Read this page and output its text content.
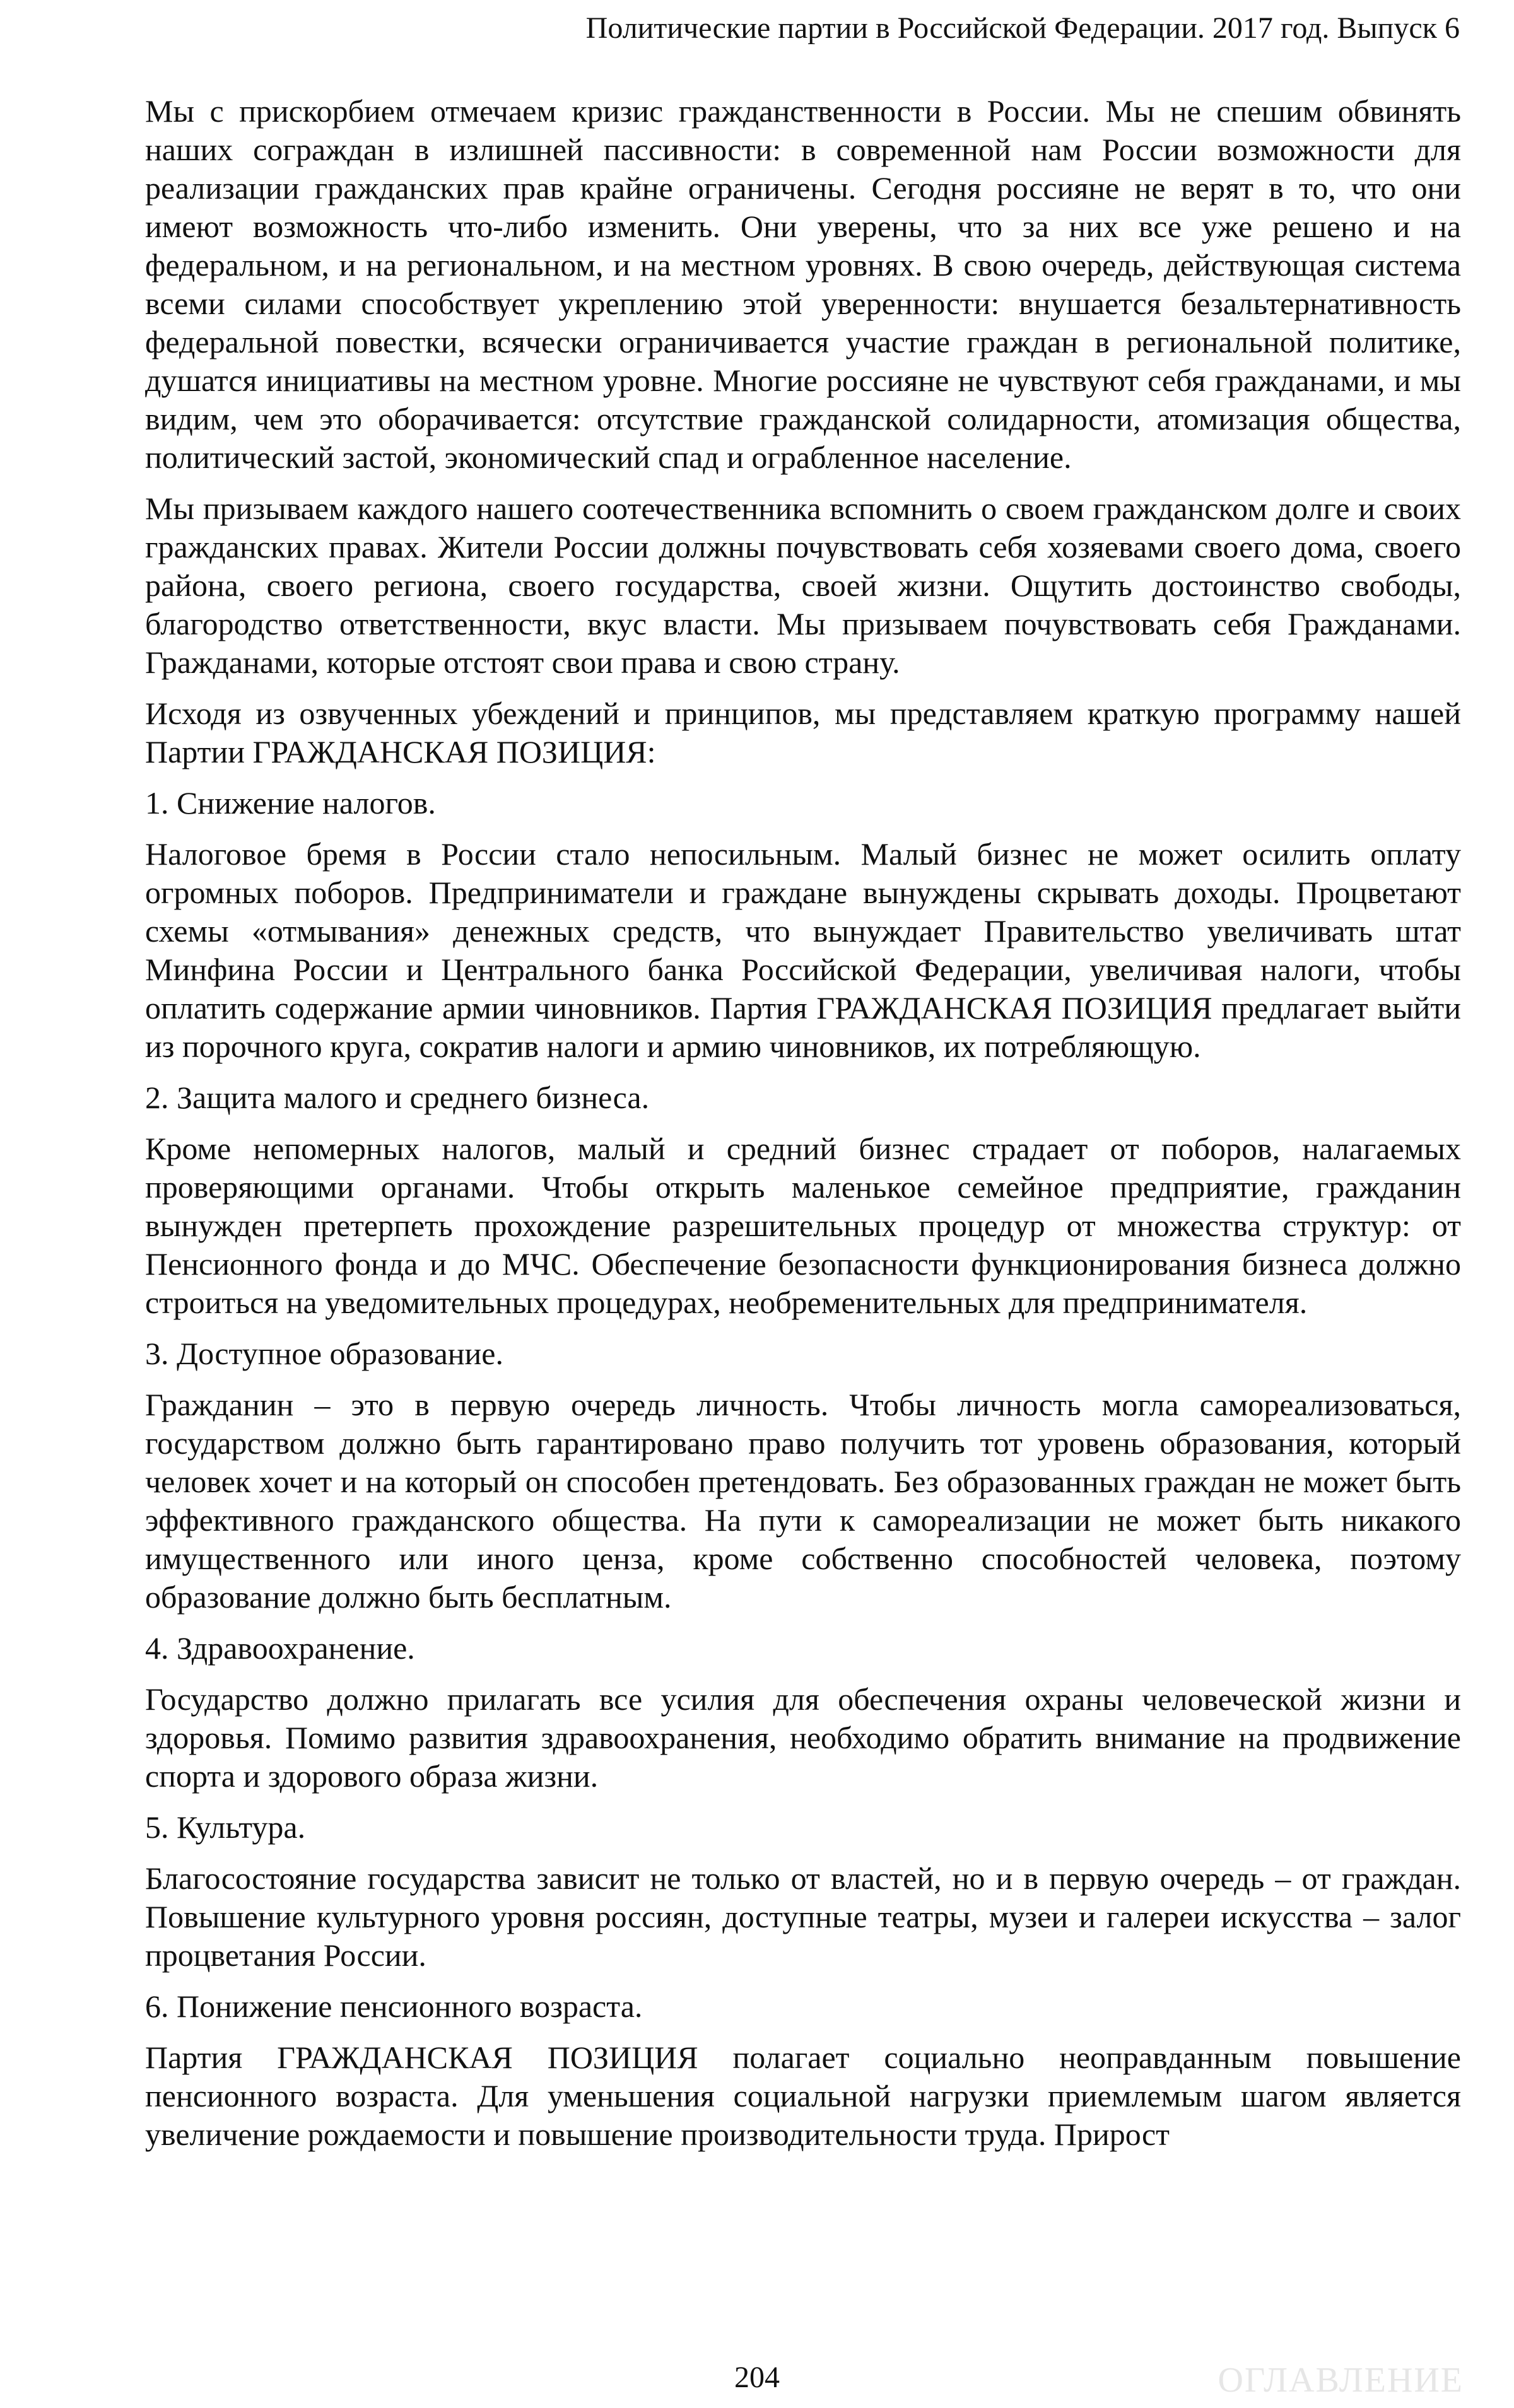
Политические партии в Российской Федерации. 2017 год. Выпуск 6

Мы с прискорбием отмечаем кризис гражданственности в России. Мы не спешим обвинять наших сограждан в излишней пассивности: в современной нам России возможности для реализации гражданских прав крайне ограничены. Сегодня россияне не верят в то, что они имеют возможность что-либо изменить. Они уверены, что за них все уже решено и на федеральном, и на региональном, и на местном уровнях. В свою очередь, действующая система всеми силами способствует укреплению этой уверенности: внушается безальтернативность федеральной повестки, всячески ограничивается участие граждан в региональной политике, душатся инициативы на местном уровне. Многие россияне не чувствуют себя гражданами, и мы видим, чем это оборачивается: отсутствие гражданской солидарности, атомизация общества, политический застой, экономический спад и ограбленное население.

Мы призываем каждого нашего соотечественника вспомнить о своем гражданском долге и своих гражданских правах. Жители России должны почувствовать себя хозяевами своего дома, своего района, своего региона, своего государства, своей жизни. Ощутить достоинство свободы, благородство ответственности, вкус власти. Мы призываем почувствовать себя Гражданами. Гражданами, которые отстоят свои права и свою страну.

Исходя из озвученных убеждений и принципов, мы представляем краткую программу нашей Партии ГРАЖДАНСКАЯ ПОЗИЦИЯ:

1. Снижение налогов.

Налоговое бремя в России стало непосильным. Малый бизнес не может осилить оплату огромных поборов. Предприниматели и граждане вынуждены скрывать доходы. Процветают схемы «отмывания» денежных средств, что вынуждает Правительство увеличивать штат Минфина России и Центрального банка Российской Федерации, увеличивая налоги, чтобы оплатить содержание армии чиновников. Партия ГРАЖДАНСКАЯ ПОЗИЦИЯ предлагает выйти из порочного круга, сократив налоги и армию чиновников, их потребляющую.

2. Защита малого и среднего бизнеса.

Кроме непомерных налогов, малый и средний бизнес страдает от поборов, налагаемых проверяющими органами. Чтобы открыть маленькое семейное предприятие, гражданин вынужден претерпеть прохождение разрешительных процедур от множества структур: от Пенсионного фонда и до МЧС. Обеспечение безопасности функционирования бизнеса должно строиться на уведомительных процедурах, необременительных для предпринимателя.

3. Доступное образование.

Гражданин – это в первую очередь личность. Чтобы личность могла самореализоваться, государством должно быть гарантировано право получить тот уровень образования, который человек хочет и на который он способен претендовать. Без образованных граждан не может быть эффективного гражданского общества. На пути к самореализации не может быть никакого имущественного или иного ценза, кроме собственно способностей человека, поэтому образование должно быть бесплатным.

4. Здравоохранение.

Государство должно прилагать все усилия для обеспечения охраны человеческой жизни и здоровья. Помимо развития здравоохранения, необходимо обратить внимание на продвижение спорта и здорового образа жизни.

5. Культура.

Благосостояние государства зависит не только от властей, но и в первую очередь – от граждан. Повышение культурного уровня россиян, доступные театры, музеи и галереи искусства – залог процветания России.

6. Понижение пенсионного возраста.

Партия ГРАЖДАНСКАЯ ПОЗИЦИЯ полагает социально неоправданным повышение пенсионного возраста. Для уменьшения социальной нагрузки приемлемым шагом является увеличение рождаемости и повышение производительности труда. Прирост

204	ОГЛАВЛЕНИЕ
